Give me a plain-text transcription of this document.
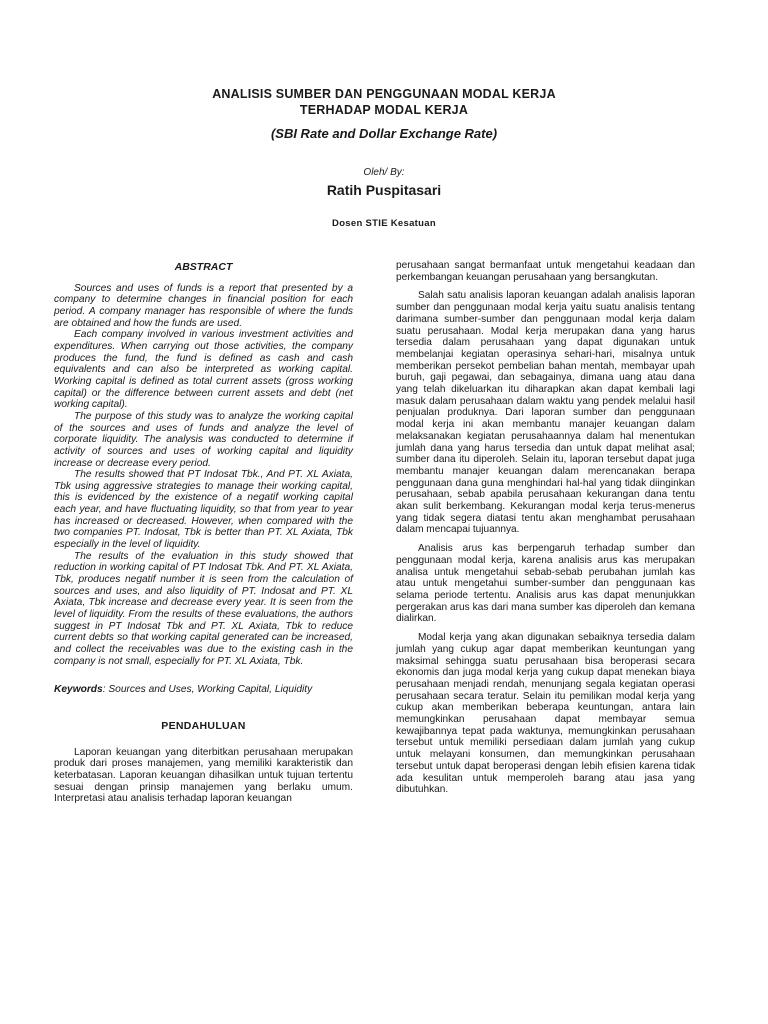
ANALISIS SUMBER DAN PENGGUNAAN MODAL KERJA
TERHADAP MODAL KERJA
(SBI Rate and Dollar Exchange Rate)
Oleh/ By:
Ratih Puspitasari
Dosen STIE Kesatuan
ABSTRACT

Sources and uses of funds is a report that presented by a company to determine changes in financial position for each period. A company manager has responsible of where the funds are obtained and how the funds are used.

Each company involved in various investment activities and expenditures. When carrying out those activities, the company produces the fund, the fund is defined as cash and cash equivalents and can also be interpreted as working capital. Working capital is defined as total current assets (gross working capital) or the difference between current assets and debt (net working capital).

The purpose of this study was to analyze the working capital of the sources and uses of funds and analyze the level of corporate liquidity. The analysis was conducted to determine if activity of sources and uses of working capital and liquidity increase or decrease every period.

The results showed that PT Indosat Tbk., And PT. XL Axiata, Tbk using aggressive strategies to manage their working capital, this is evidenced by the existence of a negatif working capital each year, and have fluctuating liquidity, so that from year to year has increased or decreased. However, when compared with the two companies PT. Indosat, Tbk is better than PT. XL Axiata, Tbk especially in the level of liquidity.

The results of the evaluation in this study showed that reduction in working capital of PT Indosat Tbk. And PT. XL Axiata, Tbk, produces negatif number it is seen from the calculation of sources and uses, and also liquidity of PT. Indosat and PT. XL Axiata, Tbk increase and decrease every year. It is seen from the level of liquidity. From the results of these evaluations, the authors suggest in PT Indosat Tbk and PT. XL Axiata, Tbk to reduce current debts so that working capital generated can be increased, and collect the receivables was due to the existing cash in the company is not small, especially for PT. XL Axiata, Tbk.

Keywords: Sources and Uses, Working Capital, Liquidity
PENDAHULUAN

Laporan keuangan yang diterbitkan perusahaan merupakan produk dari proses manajemen, yang memiliki karakteristik dan keterbatasan. Laporan keuangan dihasilkan untuk tujuan tertentu sesuai dengan prinsip manajemen yang berlaku umum. Interpretasi atau analisis terhadap laporan keuangan

perusahaan sangat bermanfaat untuk mengetahui keadaan dan perkembangan keuangan perusahaan yang bersangkutan.

Salah satu analisis laporan keuangan adalah analisis laporan sumber dan penggunaan modal kerja yaitu suatu analisis tentang darimana sumber-sumber dan penggunaan modal kerja dalam suatu perusahaan. Modal kerja merupakan dana yang harus tersedia dalam perusahaan yang dapat digunakan untuk membelanjai kegiatan operasinya sehari-hari, misalnya untuk memberikan persekot pembelian bahan mentah, membayar upah buruh, gaji pegawai, dan sebagainya, dimana uang atau dana yang telah dikeluarkan itu diharapkan akan dapat kembali lagi masuk dalam perusahaan dalam waktu yang pendek melalui hasil penjualan produknya. Dari laporan sumber dan penggunaan modal kerja ini akan membantu manajer keuangan dalam melaksanakan kegiatan perusahaannya dalam hal menentukan jumlah dana yang harus tersedia dan untuk dapat melihat asal; sumber dana itu diperoleh. Selain itu, laporan tersebut dapat juga membantu manajer keuangan dalam merencanakan berapa penggunaan dana guna menghindari hal-hal yang tidak diinginkan perusahaan, sebab apabila perusahaan kekurangan dana tentu akan sulit berkembang. Kekurangan modal kerja terus-menerus yang tidak segera diatasi tentu akan menghambat perusahaan dalam mencapai tujuannya.

Analisis arus kas berpengaruh terhadap sumber dan penggunaan modal kerja, karena analisis arus kas merupakan analisa untuk mengetahui sebab-sebab perubahan jumlah kas atau untuk mengetahui sumber-sumber dan penggunaan kas selama periode tertentu. Analisis arus kas dapat menunjukkan pergerakan arus kas dari mana sumber kas diperoleh dan kemana dialirkan.

Modal kerja yang akan digunakan sebaiknya tersedia dalam jumlah yang cukup agar dapat memberikan keuntungan yang maksimal sehingga suatu perusahaan bisa beroperasi secara ekonomis dan juga modal kerja yang cukup dapat menekan biaya perusahaan menjadi rendah, menunjang segala kegiatan operasi perusahaan secara teratur. Selain itu pemilikan modal kerja yang cukup akan memberikan beberapa keuntungan, antara lain memungkinkan perusahaan dapat membayar semua kewajibannya tepat pada waktunya, memungkinkan perusahaan tersebut untuk memiliki persediaan dalam jumlah yang cukup untuk melayani konsumen, dan memungkinkan perusahaan tersebut untuk dapat beroperasi dengan lebih efisien karena tidak ada kesulitan untuk memperoleh barang atau jasa yang dibutuhkan.
